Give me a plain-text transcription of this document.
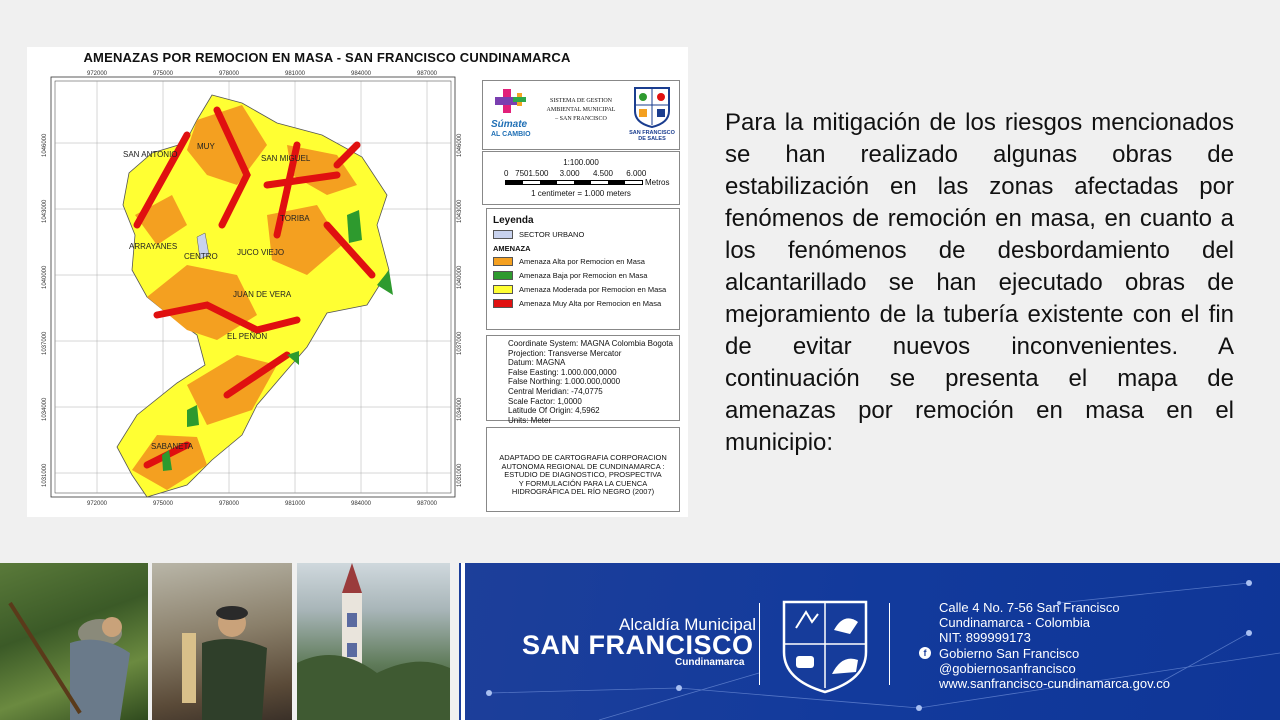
AMENAZAS POR REMOCION EN MASA - SAN FRANCISCO CUNDINAMARCA
972000	975000	978000	981000	984000	987000
972000	975000	978000	981000	984000	987000
1046000
1043000
1040000
1037000
1034000
1031000
1046000
1043000
1040000
1037000
1034000
1031000
SAN ANTONIO
MUY
SAN MIGUEL
TORIBA
ARRAYANES
CENTRO JUCO VIEJO
JUAN DE VERA
EL PEÑON
SABANETA
Súmate
AL CAMBIO
SISTEMA DE GESTION
AMBIENTAL MUNICIPAL
– SAN FRANCISCO
SAN FRANCISCO DE SALES
1:100.000
0   7501.500     3.000      4.500      6.000
Metros
1 centimeter = 1.000 meters
Leyenda
SECTOR URBANO
AMENAZA
Amenaza Alta por Remocion en Masa
Amenaza Baja por Remocion en Masa
Amenaza Moderada por Remocion en Masa
Amenaza Muy Alta por Remocion en Masa
Coordinate System: MAGNA Colombia Bogota
Projection: Transverse Mercator
Datum: MAGNA
False Easting: 1.000.000,0000
False Northing: 1.000.000,0000
Central Meridian: -74,0775
Scale Factor: 1,0000
Latitude Of Origin: 4,5962
Units: Meter
ADAPTADO DE CARTOGRAFIA CORPORACION
AUTONOMA REGIONAL DE CUNDINAMARCA :
ESTUDIO DE DIAGNOSTICO, PROSPECTIVA
Y FORMULACIÓN PARA LA CUENCA
HIDROGRÁFICA DEL RÍO NEGRO (2007)

Para la mitigación de los riesgos mencionados se han realizado algunas obras de estabilización en las zonas afectadas por fenómenos de remoción en masa, en cuanto a los fenómenos de desbordamiento del alcantarillado se han ejecutado obras de mejoramiento de la tubería existente con el fin de evitar nuevos inconvenientes. A continuación se presenta el mapa de amenazas por remoción en masa en el municipio:

Alcaldía Municipal
SAN FRANCISCO
Cundinamarca
Calle 4 No. 7-56 San Francisco
Cundinamarca - Colombia
NIT: 899999173
f Gobierno San Francisco
@gobiernosanfrancisco
www.sanfrancisco-cundinamarca.gov.co
